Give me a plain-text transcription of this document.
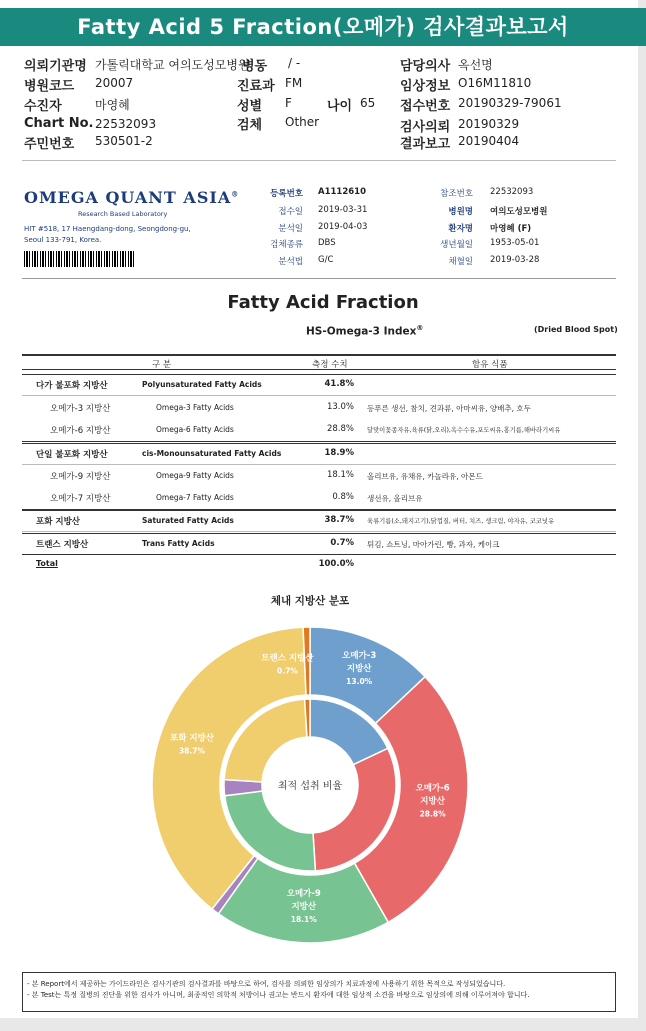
Fatty Acid 5 Fraction(오메가) 검사결과보고서
의뢰기관명 가톨릭대학교 여의도성모병원
병동 / -	담당의사 옥선명
병원코드 20007	진료과 FM	임상정보 O16M11810
수진자	마영혜	성별 F	나이 65 접수번호 20190329-79061
Chart No. 22532093	검체 Other	검사의뢰 20190329
주민번호 530501-2	결과보고 20190404
OMEGA QUANT ASIA®
Research Based Laboratory
HIT #518, 17 Haengdang-dong, Seongdong-gu, Seoul 133-791, Korea.
등록번호 A1112610
접수일 2019-03-31
분석일 2019-04-03
검체종류 DBS
분석법 G/C
참조번호 22532093
병원명 여의도성모병원
환자명 마영혜 (F)
생년월일 1953-05-01
채혈일 2019-03-28
Fatty Acid Fraction
HS-Omega-3 Index®	(Dried Blood Spot)
구 분	측정 수치	함유 식품
다가 불포화 지방산	Polyunsaturated Fatty Acids	41.8%
오메가-3 지방산	Omega-3 Fatty Acids	13.0% 등푸른 생선, 참치, 견과류, 아마씨유, 양배추, 호두
오메가-6 지방산	Omega-6 Fatty Acids	28.8% 달맞이꽃종자유,육류(닭,오리),옥수수유,포도씨유,홍기름,해바라기씨유
단일 불포화 지방산	cis-Monounsaturated Fatty Acids	18.9%
오메가-9 지방산	Omega-9 Fatty Acids	18.1% 올리브유, 유채유, 카놀라유, 아몬드
오메가-7 지방산	Omega-7 Fatty Acids	0.8% 생선유, 올리브유
포화 지방산	Saturated Fatty Acids	38.7% 육류기름(소,돼지고기),닭껍질, 버터, 치즈, 생크림, 야자유, 코코넛유
트랜스 지방산	Trans Fatty Acids	0.7% 튀김, 쇼트닝, 마아가린, 빵, 과자, 케이크
Total	100.0%
체내 지방산 분포
오메가-3
지방산
13.0%
오메가-6
지방산
28.8%
오메가-9
지방산
18.1%
포화 지방산
38.7%
트랜스 지방산
0.7%
최적 섭취 비율
- 본 Report에서 제공하는 가이드라인은 검사기관의 검사결과를 바탕으로 하여, 검사를 의뢰한 임상의가 치료과정에 사용하기 위한 목적으로 작성되었습니다.
- 본 Test는 특정 질병의 진단을 위한 검사가 아니며, 최종적인 의학적 처방이나 권고는 반드시 환자에 대한 임상적 소견을 바탕으로 임상의에 의해 이루어져야 합니다.
